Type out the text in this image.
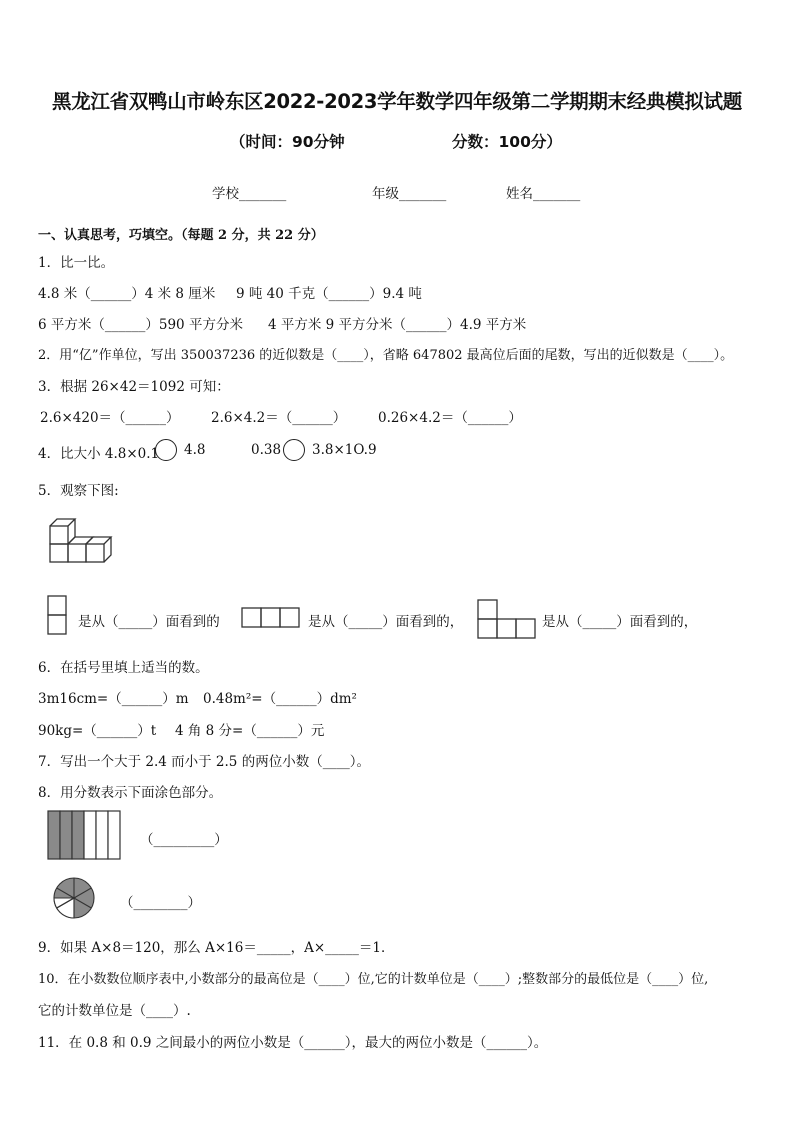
黑龙江省双鸭山市岭东区2022-2023学年数学四年级第二学期期末经典模拟试题
（时间：90分钟	分数：100分）
学校_______	年级_______	姓名_______
一、认真思考，巧填空。（每题 2 分，共 22 分）
1．比一比。
4.8 米（______）4 米 8 厘米 9 吨 40 千克（______）9.4 吨
6 平方米（______）590 平方分米 4 平方米 9 平方分米（______）4.9 平方米
2．用“亿”作单位，写出 350037236 的近似数是（____），省略 647802 最高位后面的尾数，写出的近似数是（____）。
3．根据 26×42＝1092 可知：
2.6×420＝（______） 2.6×4.2＝（______） 0.26×4.2＝（______）
4．比大小 4.8×0.1 4.8	0.38 3.8×1O.9
5．观察下图:
是从（_____）面看到的	是从（_____）面看到的，	是从（_____）面看到的，
6．在括号里填上适当的数。
3m16cm=（______）m 0.48m²=（______）dm²
90kg=（______）t 4 角 8 分=（______）元
7．写出一个大于 2.4 而小于 2.5 的两位小数（____）。
8．用分数表示下面涂色部分。
（_________）
（________）
9．如果 A×8＝120，那么 A×16＝_____，A×_____＝1．
10．在小数数位顺序表中,小数部分的最高位是（____）位,它的计数单位是（____）;整数部分的最低位是（____）位,
它的计数单位是（____）.
11．在 0.8 和 0.9 之间最小的两位小数是（______），最大的两位小数是（______）。
